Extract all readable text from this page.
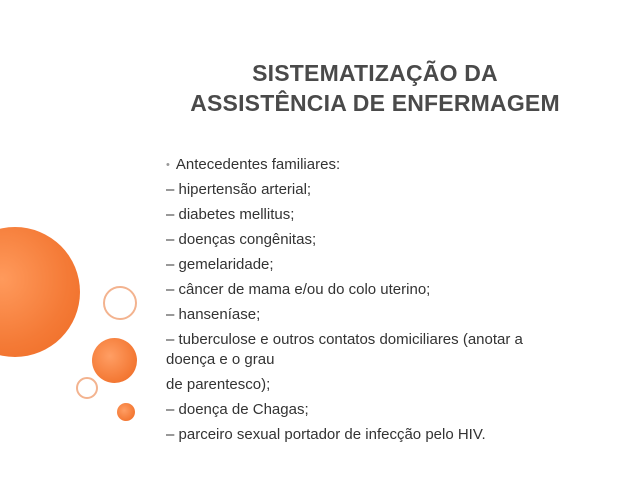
SISTEMATIZAÇÃO DA
ASSISTÊNCIA DE ENFERMAGEM
• Antecedentes familiares:
– hipertensão arterial;
– diabetes mellitus;
– doenças congênitas;
– gemelaridade;
– câncer de mama e/ou do colo uterino;
– hanseníase;
– tuberculose e outros contatos domiciliares (anotar a
doença e o grau
de parentesco);
– doença de Chagas;
– parceiro sexual portador de infecção pelo HIV.
